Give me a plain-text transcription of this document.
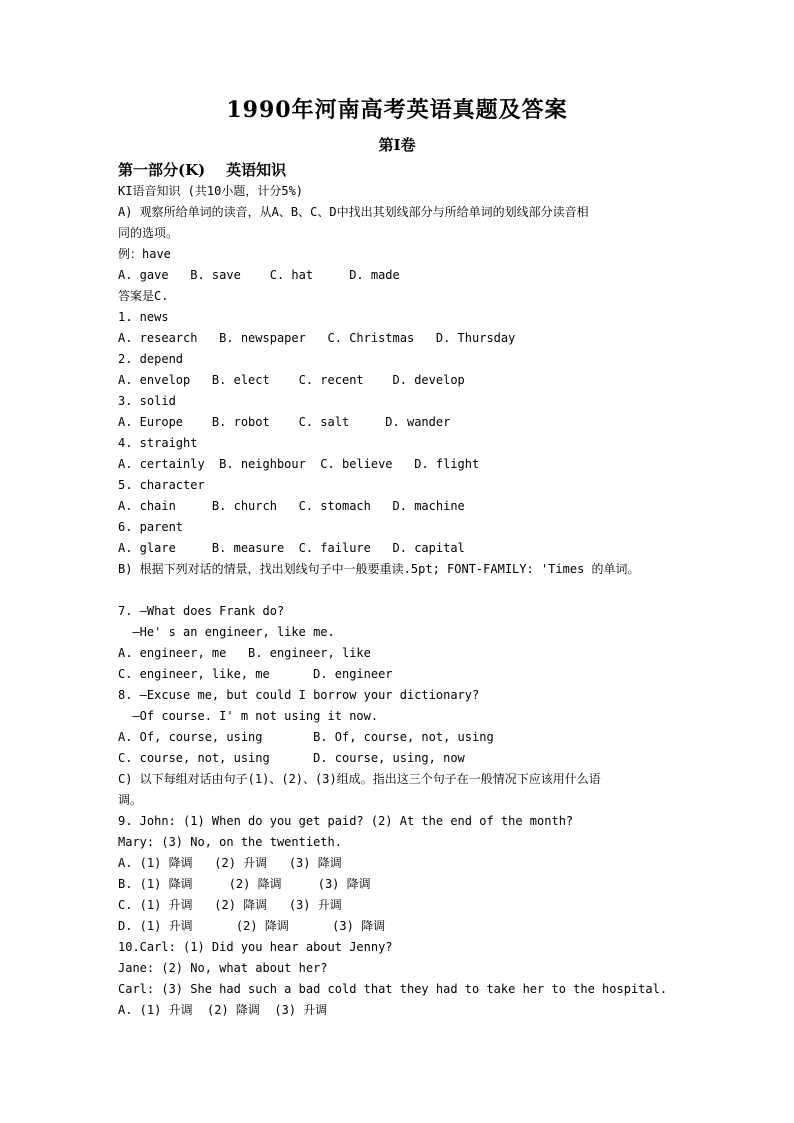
1990年河南高考英语真题及答案
第Ⅰ卷
第一部分(K)    英语知识
KI语音知识 (共10小题，计分5%)
A) 观察所给单词的读音，从A、B、C、D中找出其划线部分与所给单词的划线部分读音相
同的选项。
例：have
A. gave   B. save    C. hat     D. made
答案是C.
1. news
A. research   B. newspaper   C. Christmas   D. Thursday
2. depend
A. envelop   B. elect    C. recent    D. develop
3. solid
A. Europe    B. robot    C. salt     D. wander
4. straight
A. certainly  B. neighbour  C. believe   D. flight
5. character
A. chain     B. church   C. stomach   D. machine
6. parent
A. glare     B. measure  C. failure   D. capital
B) 根据下列对话的情景，找出划线句子中一般要重读.5pt; FONT-FAMILY: 'Times 的单词。
7. —What does Frank do?
—He' s an engineer, like me.
A. engineer, me   B. engineer, like
C. engineer, like, me      D. engineer
8. —Excuse me, but could I borrow your dictionary?
—Of course. I' m not using it now.
A. Of, course, using       B. Of, course, not, using
C. course, not, using      D. course, using, now
C) 以下每组对话由句子(1)、(2)、(3)组成。指出这三个句子在一般情况下应该用什么语
调。
9. John: (1) When do you get paid? (2) At the end of the month?
Mary: (3) No, on the twentieth.
A. (1) 降调   (2) 升调   (3) 降调
B. (1) 降调     (2) 降调     (3) 降调
C. (1) 升调   (2) 降调   (3) 升调
D. (1) 升调      (2) 降调      (3) 降调
10.Carl: (1) Did you hear about Jenny?
Jane: (2) No, what about her?
Carl: (3) She had such a bad cold that they had to take her to the hospital.
A. (1) 升调  (2) 降调  (3) 升调
